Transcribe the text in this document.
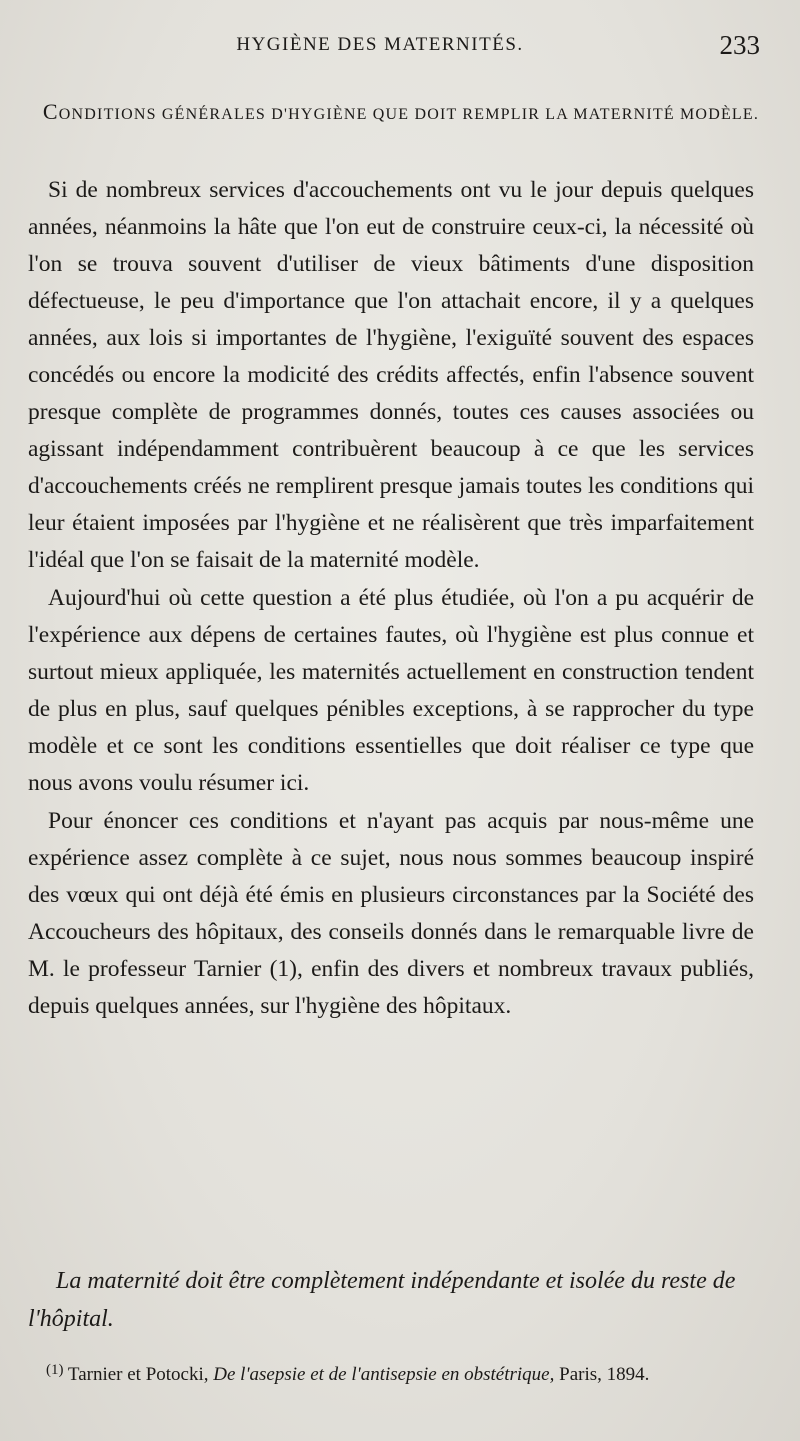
HYGIÈNE DES MATERNITÉS.	233
CONDITIONS GÉNÉRALES D'HYGIÈNE QUE DOIT REMPLIR LA MATERNITÉ MODÈLE.

Si de nombreux services d'accouchements ont vu le jour depuis quelques années, néanmoins la hâte que l'on eut de construire ceux-ci, la nécessité où l'on se trouva souvent d'utiliser de vieux bâtiments d'une disposition défectueuse, le peu d'importance que l'on attachait encore, il y a quelques années, aux lois si importantes de l'hygiène, l'exiguïté souvent des espaces concédés ou encore la modicité des crédits affectés, enfin l'absence souvent presque complète de programmes donnés, toutes ces causes associées ou agissant indépendamment contribuèrent beaucoup à ce que les services d'accouchements créés ne remplirent presque jamais toutes les conditions qui leur étaient imposées par l'hygiène et ne réalisèrent que très imparfaitement l'idéal que l'on se faisait de la maternité modèle.

Aujourd'hui où cette question a été plus étudiée, où l'on a pu acquérir de l'expérience aux dépens de certaines fautes, où l'hygiène est plus connue et surtout mieux appliquée, les maternités actuellement en construction tendent de plus en plus, sauf quelques pénibles exceptions, à se rapprocher du type modèle et ce sont les conditions essentielles que doit réaliser ce type que nous avons voulu résumer ici.

Pour énoncer ces conditions et n'ayant pas acquis par nous-même une expérience assez complète à ce sujet, nous nous sommes beaucoup inspiré des vœux qui ont déjà été émis en plusieurs circonstances par la Société des Accoucheurs des hôpitaux, des conseils donnés dans le remarquable livre de M. le professeur Tarnier (1), enfin des divers et nombreux travaux publiés, depuis quelques années, sur l'hygiène des hôpitaux.

La maternité doit être complètement indépendante et isolée du reste de l'hôpital.
$^{(1)}$ Tarnier et Potocki, De l'asepsie et de l'antisepsie en obstétrique, Paris, 1894.
